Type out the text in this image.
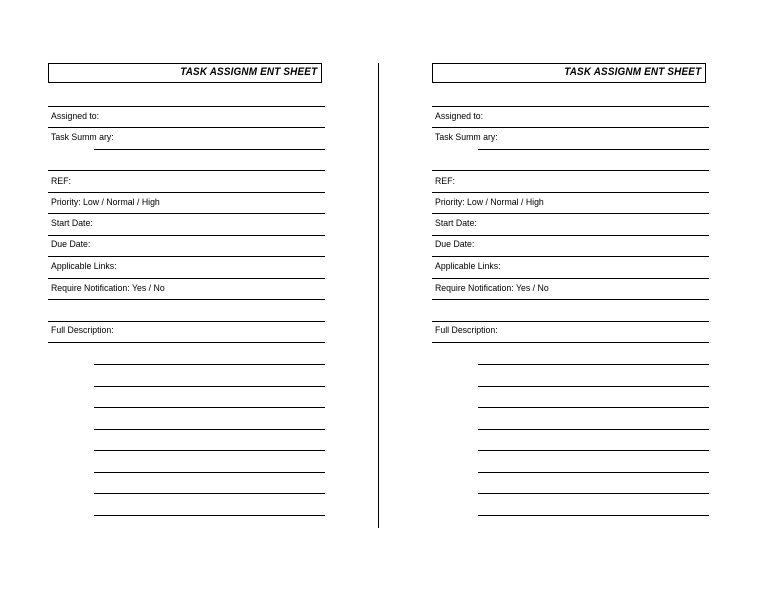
TASK ASSIGNM ENT SHEET
Assigned to:
Task Summ ary:
REF:
Priority: Low / Normal / High
Start Date:
Due Date:
Applicable Links:
Require Notification: Yes / No
Full Description:
TASK ASSIGNM ENT SHEET
Assigned to:
Task Summ ary:
REF:
Priority: Low / Normal / High
Start Date:
Due Date:
Applicable Links:
Require Notification: Yes / No
Full Description:
